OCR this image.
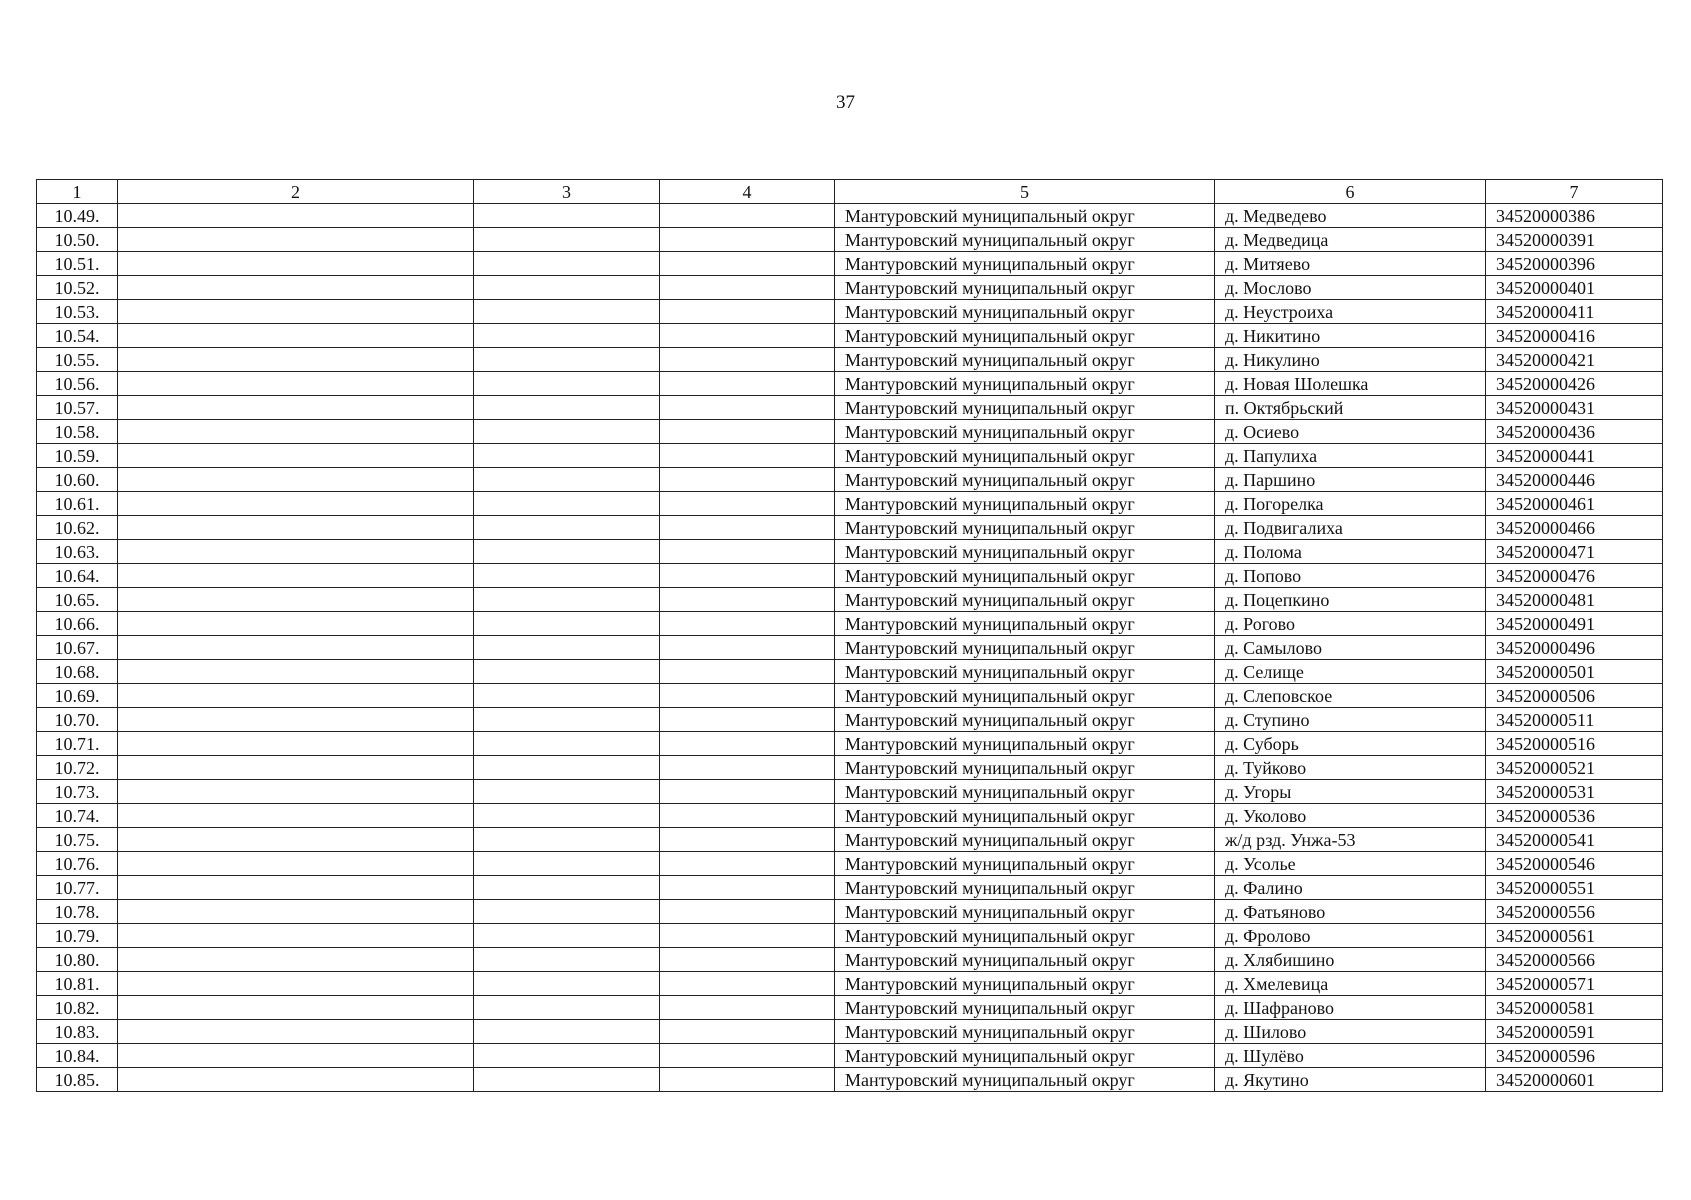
37
1	2	3	4	5	6	7
10.49.				Мантуровский муниципальный округ	д. Медведево	34520000386
10.50.				Мантуровский муниципальный округ	д. Медведица	34520000391
10.51.				Мантуровский муниципальный округ	д. Митяево	34520000396
10.52.				Мантуровский муниципальный округ	д. Мослово	34520000401
10.53.				Мантуровский муниципальный округ	д. Неустроиха	34520000411
10.54.				Мантуровский муниципальный округ	д. Никитино	34520000416
10.55.				Мантуровский муниципальный округ	д. Никулино	34520000421
10.56.				Мантуровский муниципальный округ	д. Новая Шолешка	34520000426
10.57.				Мантуровский муниципальный округ	п. Октябрьский	34520000431
10.58.				Мантуровский муниципальный округ	д. Осиево	34520000436
10.59.				Мантуровский муниципальный округ	д. Папулиха	34520000441
10.60.				Мантуровский муниципальный округ	д. Паршино	34520000446
10.61.				Мантуровский муниципальный округ	д. Погорелка	34520000461
10.62.				Мантуровский муниципальный округ	д. Подвигалиха	34520000466
10.63.				Мантуровский муниципальный округ	д. Полома	34520000471
10.64.				Мантуровский муниципальный округ	д. Попово	34520000476
10.65.				Мантуровский муниципальный округ	д. Поцепкино	34520000481
10.66.				Мантуровский муниципальный округ	д. Рогово	34520000491
10.67.				Мантуровский муниципальный округ	д. Самылово	34520000496
10.68.				Мантуровский муниципальный округ	д. Селище	34520000501
10.69.				Мантуровский муниципальный округ	д. Слеповское	34520000506
10.70.				Мантуровский муниципальный округ	д. Ступино	34520000511
10.71.				Мантуровский муниципальный округ	д. Суборь	34520000516
10.72.				Мантуровский муниципальный округ	д. Туйково	34520000521
10.73.				Мантуровский муниципальный округ	д. Угоры	34520000531
10.74.				Мантуровский муниципальный округ	д. Уколово	34520000536
10.75.				Мантуровский муниципальный округ	ж/д рзд. Унжа-53	34520000541
10.76.				Мантуровский муниципальный округ	д. Усолье	34520000546
10.77.				Мантуровский муниципальный округ	д. Фалино	34520000551
10.78.				Мантуровский муниципальный округ	д. Фатьяново	34520000556
10.79.				Мантуровский муниципальный округ	д. Фролово	34520000561
10.80.				Мантуровский муниципальный округ	д. Хлябишино	34520000566
10.81.				Мантуровский муниципальный округ	д. Хмелевица	34520000571
10.82.				Мантуровский муниципальный округ	д. Шафраново	34520000581
10.83.				Мантуровский муниципальный округ	д. Шилово	34520000591
10.84.				Мантуровский муниципальный округ	д. Шулёво	34520000596
10.85.				Мантуровский муниципальный округ	д. Якутино	34520000601
